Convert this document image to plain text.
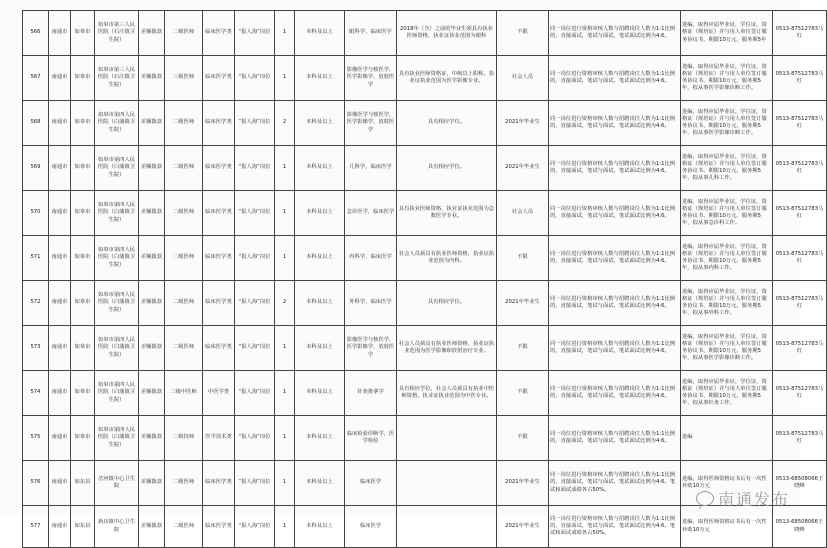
566	南通市	如皋市	如皋市第三人民医院（石庄镇卫生院）	差额拨款	二级医师	临床医学类	“报人海”岗位	1	本科及以上	眼科学，临床医学	2018年（含）之前的毕业生须具有执业医师资格，执业证执业范围为眼科	不限	同一岗位进行资格审核人数与招聘岗位人数为1:1比例的，直接面试，笔试与面试，笔试面试比例为4:6。	进编，取得应届毕业证，学位证，资格证（规培证）并与用人单位签订服务协议书，期限10万元，服务期5年	0513-87512783马红
567	南通市	如皋市	如皋市第三人民医院（石庄镇卫生院）	差额拨款	三级医师	临床医学类	“报人海”岗位	1	本科及以上	影像医学与核医学，医学影像学，放射医学	具有执业医师资格证，中级以上职称，执业证执业范围为医学影像专业。	社会人员	同一岗位进行资格审核人数与招聘岗位人数为1:1比例的，直接面试，笔试与面试，笔试面试比例为4:6。	进编，取得应届毕业证，学位证，资格证（规培证）并与用人单位签订服务协议书，期限10万元，服务期5年，拟从事医学影像诊断工作。	0513-87512783马红
568	南通市	如皋市	如皋市第四人民医院（白蒲镇卫生院）	差额拨款	二级医师	临床医学类	“报人海”岗位	2	本科及以上	影像医学与核医学，医学影像学，放射医学	具有相应学位。	2021年毕业生	同一岗位进行资格审核人数与招聘岗位人数为1:1比例的，直接面试，笔试与面试，笔试面试比例为4:6。	进编，取得应届毕业证，学位证，资格证（规培证）并与用人单位签订服务协议书，期限10万元，服务期5年，拟从事医学影像诊断工作。	0513-87512783马红
569	南通市	如皋市	如皋市第四人民医院（白蒲镇卫生院）	差额拨款	二级医师	临床医学类	“报人海”岗位	1	本科及以上	儿科学，临床医学	具有相应学位。	2021年毕业生	同一岗位进行资格审核人数与招聘岗位人数为1:1比例的，直接面试，笔试与面试，笔试面试比例为4:6。	进编，取得应届毕业证，学位证，资格证（规培证）并与用人单位签订服务协议书，期限10万元，服务期5年，拟从事儿科工作。	0513-87512783马红
570	南通市	如皋市	如皋市第四人民医院（白蒲镇卫生院）	差额拨款	二级医师	临床医学类	“报人海”岗位	1	本科及以上	急诊医学，临床医学	具有执业医师资格，执业证执业范围为急救医学专业。	社会人员	同一岗位进行资格审核人数与招聘岗位人数为1:1比例的，直接面试，笔试与面试，笔试面试比例为4:6。	进编，取得应届毕业证，学位证，资格证（规培证）并与用人单位签订服务协议书，期限10万元，服务期5年，拟从事急诊科工作。	0513-87512783马红
571	南通市	如皋市	如皋市第四人民医院（白蒲镇卫生院）	差额拨款	二级医师	临床医学类	“报人海”岗位	1	本科及以上	内科学，临床医学	社会人员须具有执业医师资格，执业证执业范围为内科。	不限	同一岗位进行资格审核人数与招聘岗位人数为1:1比例的，直接面试，笔试与面试，笔试面试比例为4:6。	进编，取得应届毕业证，学位证，资格证（规培证）并与用人单位签订服务协议书，期限10万元，服务期5年，拟从事内科工作。	0513-87512783马红
572	南通市	如皋市	如皋市第四人民医院（白蒲镇卫生院）	差额拨款	二级医师	临床医学类	“报人海”岗位	2	本科及以上	外科学，临床医学	具有相应学位。	2021年毕业生	同一岗位进行资格审核人数与招聘岗位人数为1:1比例的，直接面试，笔试与面试，笔试面试比例为4:6。	进编，取得应届毕业证，学位证，资格证（规培证）并与用人单位签订服务协议书，期限10万元，服务期5年，拟从事外科工作。	0513-87512783马红
573	南通市	如皋市	如皋市第四人民医院（白蒲镇卫生院）	差额拨款	二级医师	临床医学类	“报人海”岗位	1	本科及以上	影像医学与核医学，医学影像学，放射医学	社会人员须具有执业医师资格，执业证执业范围为医学影像和放射治疗专业。	不限	同一岗位进行资格审核人数与招聘岗位人数为1:1比例的，直接面试，笔试与面试，笔试面试比例为4:6。	进编，取得应届毕业证，学位证，资格证（规培证）并与用人单位签订服务协议书，期限10万元，服务期5年，拟从事医学影像诊断工作。	0513-87512783马红
574	南通市	如皋市	如皋市第四人民医院（白蒲镇卫生院）	差额拨款	二级中医师	中医学类	“报人海”岗位	1	本科及以上	针灸推拿学	具有相应学位，社会人员须具有执业中医师资格，执业证执业范围为中医专业。	不限	同一岗位进行资格审核人数与招聘岗位人数为1:1比例的，直接面试，笔试与面试，笔试面试比例为4:6。	进编，取得应届毕业证，学位证，资格证（规培证）并与用人单位签订服务协议书，期限10万元，服务期5年，拟从事针灸工作。	0513-87512783马红
575	南通市	如皋市	如皋市第四人民医院（白蒲镇卫生院）	差额拨款	二级技师	医学技术类	“报人海”岗位	1	本科及以上	临床检验诊断学，医学检验		不限	同一岗位进行资格审核人数与招聘岗位人数为1:1比例的，直接面试，笔试与面试，笔试面试比例为4:6。	进编	0513-87512783马红
576	南通市	如东县	岔河镇中心卫生院	差额拨款	二级医师	临床医学类	“报人海”岗位	1	本科及以上	临床医学		2021年毕业生	同一岗位进行资格审核人数与招聘岗位人数为1:1比例的，直接面试，笔试与面试，笔试面试比例为4:6。笔试和面试成绩各占50%。	进编，取得医师资格证书后有一次性补助10万元	0513-68508066王晓峰
577	南通市	如东县	新店镇中心卫生院	差额拨款	二级医师	临床医学类	“报人海”岗位	1	本科及以上	临床医学		2021年毕业生	同一岗位进行资格审核人数与招聘岗位人数为1:1比例的，直接面试，笔试与面试，笔试面试比例为4:6。笔试和面试成绩各占50%。	进编，取得医师资格证书后有一次性补助10万元	0513-68508066王晓峰
南通发布
